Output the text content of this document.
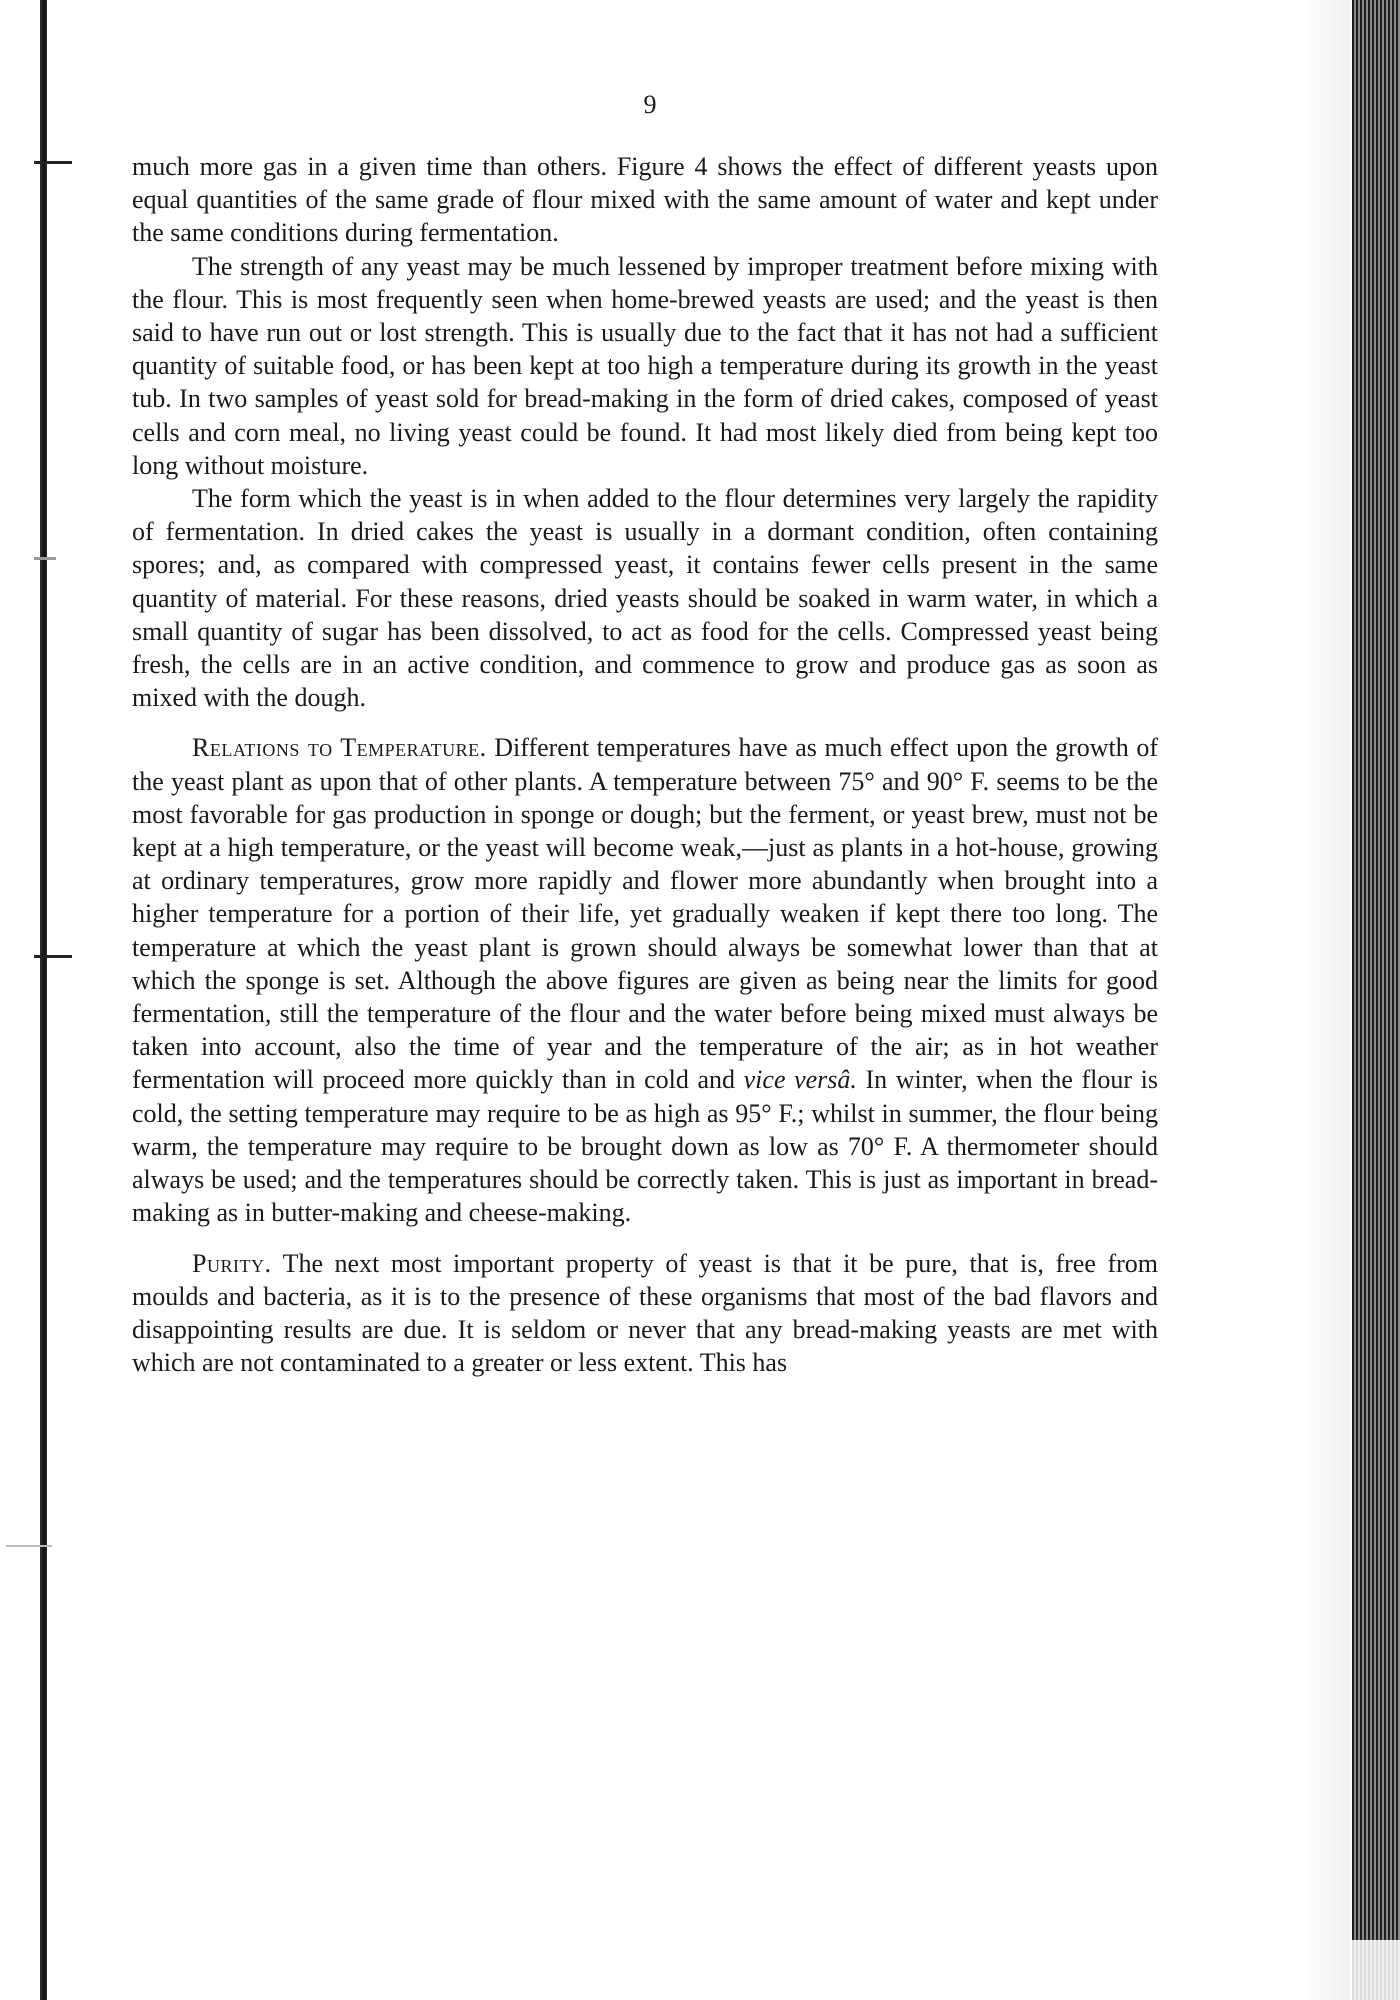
9

much more gas in a given time than others. Figure 4 shows the effect of different yeasts upon equal quantities of the same grade of flour mixed with the same amount of water and kept under the same conditions during fermentation.

The strength of any yeast may be much lessened by improper treatment before mixing with the flour. This is most frequently seen when home-brewed yeasts are used; and the yeast is then said to have run out or lost strength. This is usually due to the fact that it has not had a sufficient quantity of suitable food, or has been kept at too high a temperature during its growth in the yeast tub. In two samples of yeast sold for bread-making in the form of dried cakes, composed of yeast cells and corn meal, no living yeast could be found. It had most likely died from being kept too long without moisture.

The form which the yeast is in when added to the flour determines very largely the rapidity of fermentation. In dried cakes the yeast is usually in a dormant condition, often containing spores; and, as compared with compressed yeast, it contains fewer cells present in the same quantity of material. For these reasons, dried yeasts should be soaked in warm water, in which a small quantity of sugar has been dissolved, to act as food for the cells. Compressed yeast being fresh, the cells are in an active condition, and commence to grow and produce gas as soon as mixed with the dough.

Relations to Temperature. Different temperatures have as much effect upon the growth of the yeast plant as upon that of other plants. A temperature between 75° and 90° F. seems to be the most favorable for gas production in sponge or dough; but the ferment, or yeast brew, must not be kept at a high temperature, or the yeast will become weak,—just as plants in a hot-house, growing at ordinary temperatures, grow more rapidly and flower more abundantly when brought into a higher temperature for a portion of their life, yet gradually weaken if kept there too long. The temperature at which the yeast plant is grown should always be somewhat lower than that at which the sponge is set. Although the above figures are given as being near the limits for good fermentation, still the temperature of the flour and the water before being mixed must always be taken into account, also the time of year and the temperature of the air; as in hot weather fermentation will proceed more quickly than in cold and vice versâ. In winter, when the flour is cold, the setting temperature may require to be as high as 95° F.; whilst in summer, the flour being warm, the temperature may require to be brought down as low as 70° F. A thermometer should always be used; and the temperatures should be correctly taken. This is just as important in bread-making as in butter-making and cheese-making.

Purity. The next most important property of yeast is that it be pure, that is, free from moulds and bacteria, as it is to the presence of these organisms that most of the bad flavors and disappointing results are due. It is seldom or never that any bread-making yeasts are met with which are not contaminated to a greater or less extent. This has
